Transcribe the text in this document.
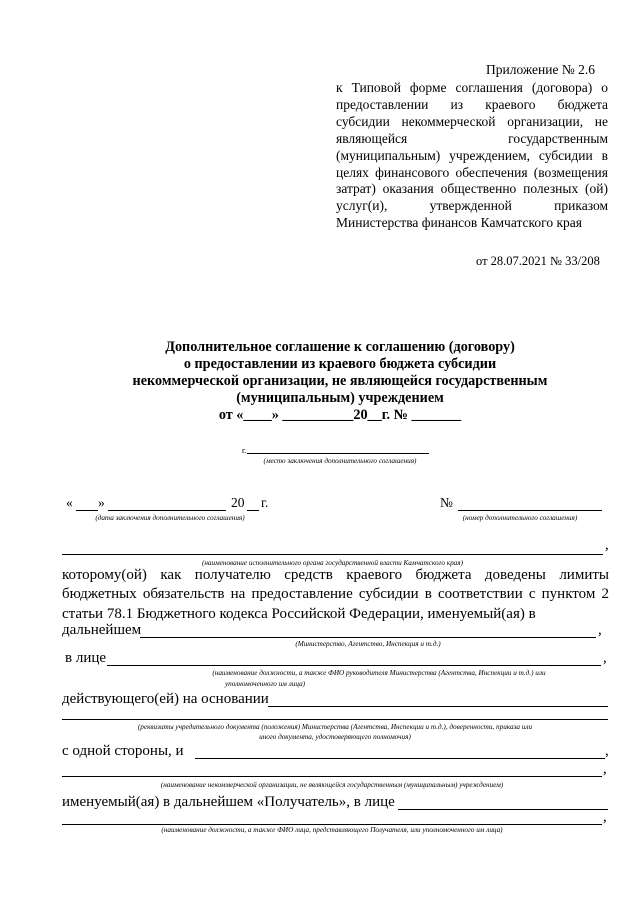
Приложение № 2.6
к Типовой форме соглашения (договора) о предоставлении из краевого бюджета субсидии некоммерческой организации, не являющейся государственным (муниципальным) учреждением, субсидии в целях финансового обеспечения (возмещения затрат) оказания общественно полезных (ой) услуг(и), утвержденной приказом Министерства финансов Камчатского края
от 28.07.2021 № 33/208
Дополнительное соглашение к соглашению (договору)
о предоставлении из краевого бюджета субсидии
некоммерческой организации, не являющейся государственным
(муниципальным) учреждением
от «____» __________20__г. № _______
г.
(место заключения дополнительного соглашения)
« »	20 г.
(дата заключения дополнительного соглашения)
№
(номер дополнительного соглашения)
,
(наименование исполнительного органа государственной власти Камчатского края)
которому(ой) как получателю средств краевого бюджета доведены лимиты бюджетных обязательств на предоставление субсидии в соответствии с пунктом 2 статьи 78.1 Бюджетного кодекса Российской Федерации, именуемый(ая) в
дальнейшем	,
(Министерство, Агентство, Инспекция и т.д.)
в лице	,
(наименование должности, а также ФИО руководителя Министерства (Агентства, Инспекции и т.д.) или
уполномоченного им лица)
действующего(ей) на основании
(реквизиты учредительного документа (положения) Министерства (Агентства, Инспекции и т.д.), доверенности, приказа или
иного документа, удостоверяющего полномочия)
с одной стороны, и	,
,
(наименование некоммерческой организации, не являющейся государственным (муниципальным) учреждением)
именуемый(ая) в дальнейшем «Получатель», в лице
,
(наименование должности, а также ФИО лица, представляющего Получателя, или уполномоченного им лица)
